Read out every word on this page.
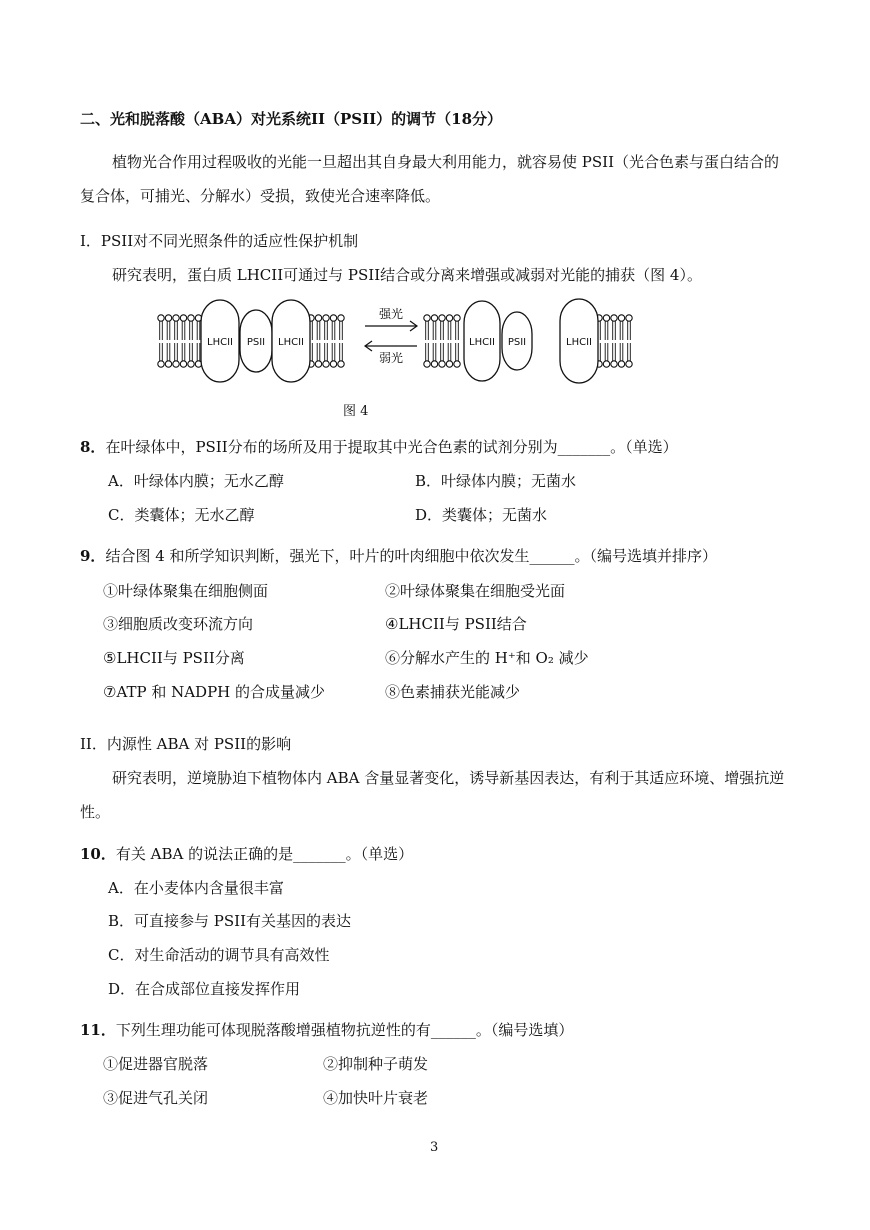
二、光和脱落酸（ABA）对光系统II（PSII）的调节（18分）
植物光合作用过程吸收的光能一旦超出其自身最大利用能力，就容易使 PSII（光合色素与蛋白结合的
复合体，可捕光、分解水）受损，致使光合速率降低。
I．PSII对不同光照条件的适应性保护机制
研究表明，蛋白质 LHCII可通过与 PSII结合或分离来增强或减弱对光能的捕获（图 4）。
LHCII PSII LHCII	LHCII PSII	LHCII
强光
弱光
图 4
8．在叶绿体中，PSII分布的场所及用于提取其中光合色素的试剂分别为_______。（单选）
A．叶绿体内膜；无水乙醇	B．叶绿体内膜；无菌水
C．类囊体；无水乙醇	D．类囊体；无菌水
9．结合图 4 和所学知识判断，强光下，叶片的叶肉细胞中依次发生______。（编号选填并排序）
①叶绿体聚集在细胞侧面	②叶绿体聚集在细胞受光面
③细胞质改变环流方向	④LHCII与 PSII结合
⑤LHCII与 PSII分离	⑥分解水产生的 H⁺和 O₂ 减少
⑦ATP 和 NADPH 的合成量减少	⑧色素捕获光能减少
II．内源性 ABA 对 PSII的影响
研究表明，逆境胁迫下植物体内 ABA 含量显著变化，诱导新基因表达，有利于其适应环境、增强抗逆
性。
10．有关 ABA 的说法正确的是_______。（单选）
A．在小麦体内含量很丰富
B．可直接参与 PSII有关基因的表达
C．对生命活动的调节具有高效性
D．在合成部位直接发挥作用
11．下列生理功能可体现脱落酸增强植物抗逆性的有______。（编号选填）
①促进器官脱落	②抑制种子萌发
③促进气孔关闭	④加快叶片衰老
3
